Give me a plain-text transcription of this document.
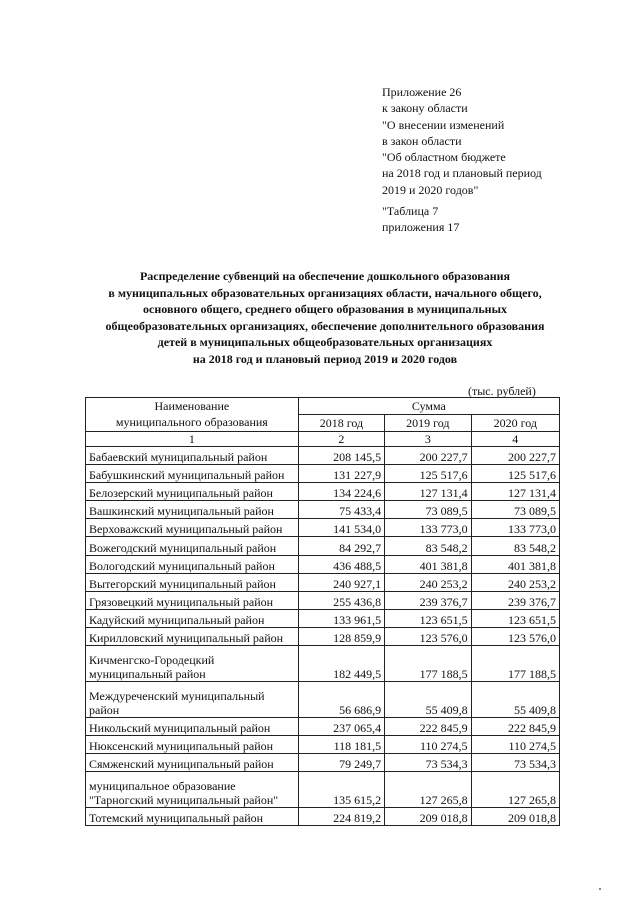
Приложение 26
к закону области
"О внесении изменений
в закон области
"Об областном бюджете
на 2018 год и плановый период
2019 и 2020 годов"
"Таблица 7
приложения 17
Распределение субвенций на обеспечение дошкольного образования
в муниципальных образовательных организациях области, начального общего,
основного общего, среднего общего образования в муниципальных
общеобразовательных организациях, обеспечение дополнительного образования
детей в муниципальных общеобразовательных организациях
на 2018 год и плановый период 2019 и 2020 годов
(тыс. рублей)
Наименование
муниципального образования	Сумма		
	2018 год	2019 год	2020 год
1	2	3	4
Бабаевский муниципальный район	208 145,5	200 227,7	200 227,7
Бабушкинский муниципальный район	131 227,9	125 517,6	125 517,6
Белозерский муниципальный район	134 224,6	127 131,4	127 131,4
Вашкинский муниципальный район	75 433,4	73 089,5	73 089,5
Верховажский муниципальный район	141 534,0	133 773,0	133 773,0
Вожегодский муниципальный район	84 292,7	83 548,2	83 548,2
Вологодский муниципальный район	436 488,5	401 381,8	401 381,8
Вытегорский муниципальный район	240 927,1	240 253,2	240 253,2
Грязовецкий муниципальный район	255 436,8	239 376,7	239 376,7
Кадуйский муниципальный район	133 961,5	123 651,5	123 651,5
Кирилловский муниципальный район	128 859,9	123 576,0	123 576,0

Кичменгско-Городецкий
муниципальный район	182 449,5	177 188,5	177 188,5

Междуреченский муниципальный
район	56 686,9	55 409,8	55 409,8
Никольский муниципальный район	237 065,4	222 845,9	222 845,9
Нюксенский муниципальный район	118 181,5	110 274,5	110 274,5
Сямженский муниципальный район	79 249,7	73 534,3	73 534,3

муниципальное образование
"Тарногский муниципальный район"	135 615,2	127 265,8	127 265,8
Тотемский муниципальный район	224 819,2	209 018,8	209 018,8
